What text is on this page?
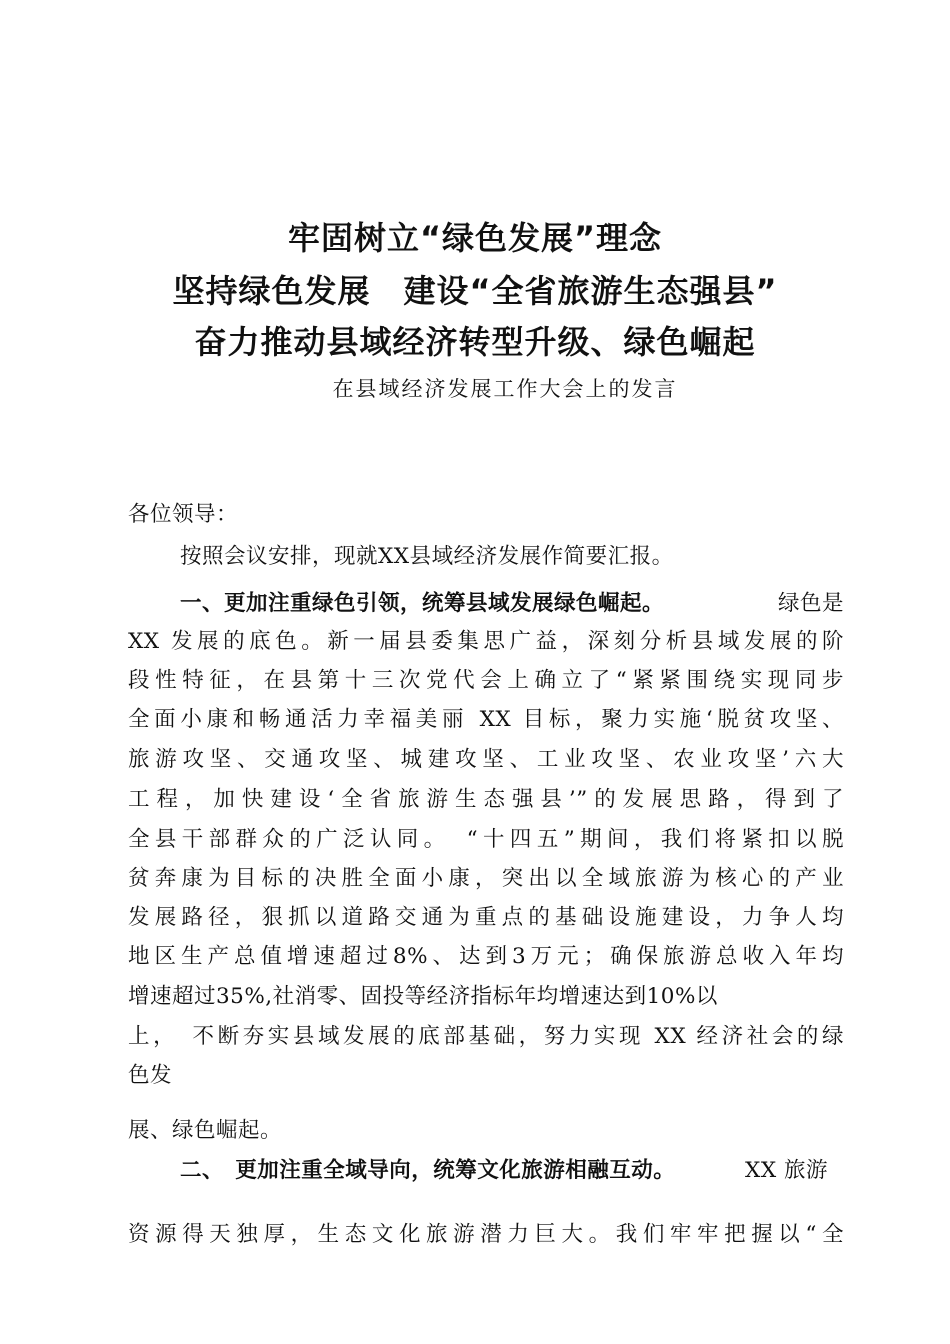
牢固树立“绿色发展”理念
坚持绿色发展　建设“全省旅游生态强县”
奋力推动县域经济转型升级、绿色崛起
在县域经济发展工作大会上的发言
各位领导：
按照会议安排，现就XX县域经济发展作简要汇报。
一、更加注重绿色引领，统筹县域发展绿色崛起。	绿色是
XX 发展的底色。新一届县委集思广益，深刻分析县域发展的阶
段性特征，在县第十三次党代会上确立了“紧紧围绕实现同步
全面小康和畅通活力幸福美丽 XX 目标，聚力实施‘脱贫攻坚、
旅游攻坚、交通攻坚、城建攻坚、工业攻坚、农业攻坚’六大
工程，加快建设‘全省旅游生态强县’”的发展思路，得到了
全县干部群众的广泛认同。　“十四五”期间，我们将紧扣以脱
贫奔康为目标的决胜全面小康，突出以全域旅游为核心的产业
发展路径，狠抓以道路交通为重点的基础设施建设，力争人均
地区生产总值增速超过8%、达到3万元；确保旅游总收入年均
增速超过35%,社消零、固投等经济指标年均增速达到10%以
上，　不断夯实县域发展的底部基础，努力实现 XX 经济社会的绿
色发
展、绿色崛起。
二、　更加注重全域导向，统筹文化旅游相融互动。	XX 旅游
资源得天独厚，生态文化旅游潜力巨大。我们牢牢把握以“全
